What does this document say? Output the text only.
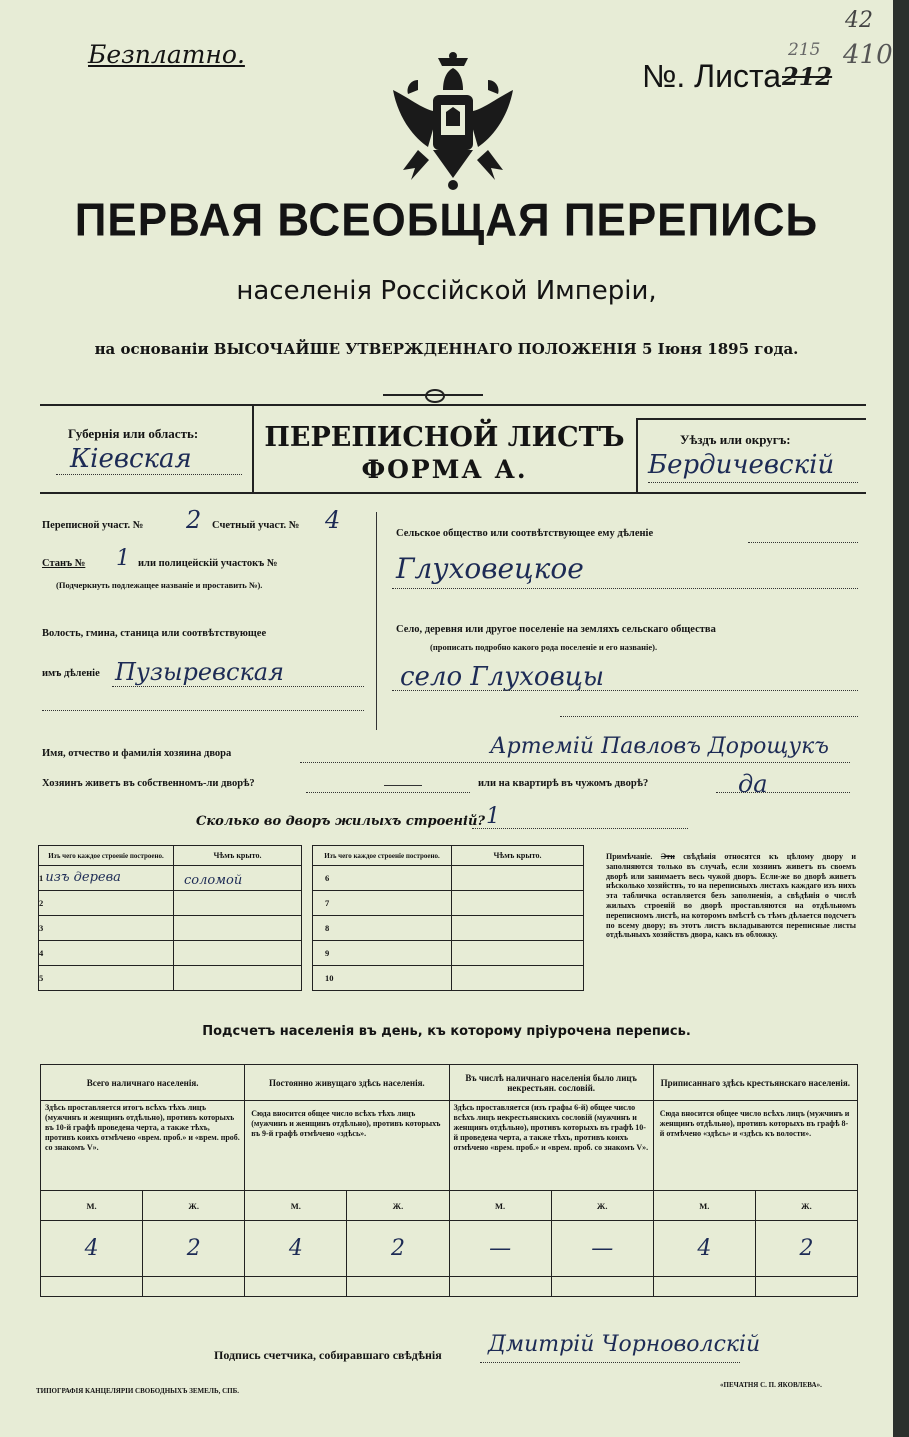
Безплатно.
№. Листа 212
42
215 410
ПЕРВАЯ ВСЕОБЩАЯ ПЕРЕПИСЬ
населенія Россійской Имперіи,
на основаніи ВЫСОЧАЙШЕ УТВЕРЖДЕННАГО ПОЛОЖЕНІЯ 5 Іюня 1895 года.
Губернія или область:
Кіевская
ПЕРЕПИСНОЙ ЛИСТЪ
ФОРМА А.
Уѣздъ или округъ:
Бердичевскій
Переписной участ. № 2 Счетный участ. № 4
Станъ № 1 или полицейскій участокъ №
(Подчеркнуть подлежащее названіе и проставить №).
Волость, гмина, станица или соотвѣтствующее
имъ дѣленіе Пузыревская
Сельское общество или соотвѣтствующее ему дѣленіе
Глуховецкое
Село, деревня или другое поселеніе на земляхъ сельскаго общества
(прописать подробно какого рода поселеніе и его названіе).
село Глуховцы
Имя, отчество и фамилія хозяина двора	Артемій Павловъ Дорощукъ
Хозяинъ живетъ въ собственномъ-ли дворѣ?	или на квартирѣ въ чужомъ дворѣ?	да
Сколько во дворъ жилыхъ строеній? 1
Изъ чего каждое строеніе построено.	Чѣмъ крыто.
1 изъ дерева	соломой
2	
3	
4	
5	
Изъ чего каждое строеніе построено.	Чѣмъ крыто.
6	
7	
8	
9	
10	
Примѣчаніе. Эти свѣдѣнія относятся къ цѣлому двору и заполняются только въ случаѣ, если хозяинъ живетъ въ своемъ дворѣ или занимаетъ весь чужой дворъ. Если-же во дворѣ живетъ нѣсколько хозяйствъ, то на переписныхъ листахъ каждаго изъ нихъ эта табличка оставляется безъ заполненія, а свѣдѣнія о числѣ жилыхъ строеній во дворѣ проставляются на отдѣльномъ переписномъ листѣ, на которомъ вмѣстѣ съ тѣмъ дѣлается подсчетъ по всему двору; въ этотъ листъ вкладываются переписные листы отдѣльныхъ хозяйствъ двора, какъ въ обложку.
Подсчетъ населенія въ день, къ которому пріурочена перепись.
Всего наличнаго населенія.		Постоянно живущаго здѣсь населенія.		Въ числѣ наличнаго населенія было лицъ некрестьян. сословій.		Приписаннаго здѣсь крестьянскаго населенія.	
Здѣсь проставляется итогъ всѣхъ тѣхъ лицъ (мужчинъ и женщинъ отдѣльно), противъ которыхъ въ 10-й графѣ проведена черта, а также тѣхъ, противъ коихъ отмѣчено «врем. проб.» и «врем. проб. со знакомъ V».		Сюда вносится общее число всѣхъ тѣхъ лицъ (мужчинъ и женщинъ отдѣльно), противъ которыхъ въ 9-й графѣ отмѣчено «здѣсь».		Здѣсь проставляется (изъ графы 6-й) общее число всѣхъ лицъ некрестьянскихъ сословій (мужчинъ и женщинъ отдѣльно), противъ которыхъ въ графѣ 10-й проведена черта, а также тѣхъ, противъ коихъ отмѣчено «врем. проб.» и «врем. проб. со знакомъ V».		Сюда вносится общее число всѣхъ лицъ (мужчинъ и женщинъ отдѣльно), противъ которыхъ въ графѣ 8-й отмѣчено «здѣсь» и «здѣсь къ волости».	
М.	Ж.	М.	Ж.	М.	Ж.	М.	Ж.
4	2	4	2	—	—	4	2

Подпись счетчика, собиравшаго свѣдѣнія Дмитрій Чорноволскій
ТИПОГРАФІЯ КАНЦЕЛЯРІИ СВОБОДНЫХЪ ЗЕМЕЛЬ, СПБ.
«ПЕЧАТНЯ С. П. ЯКОВЛЕВА».
